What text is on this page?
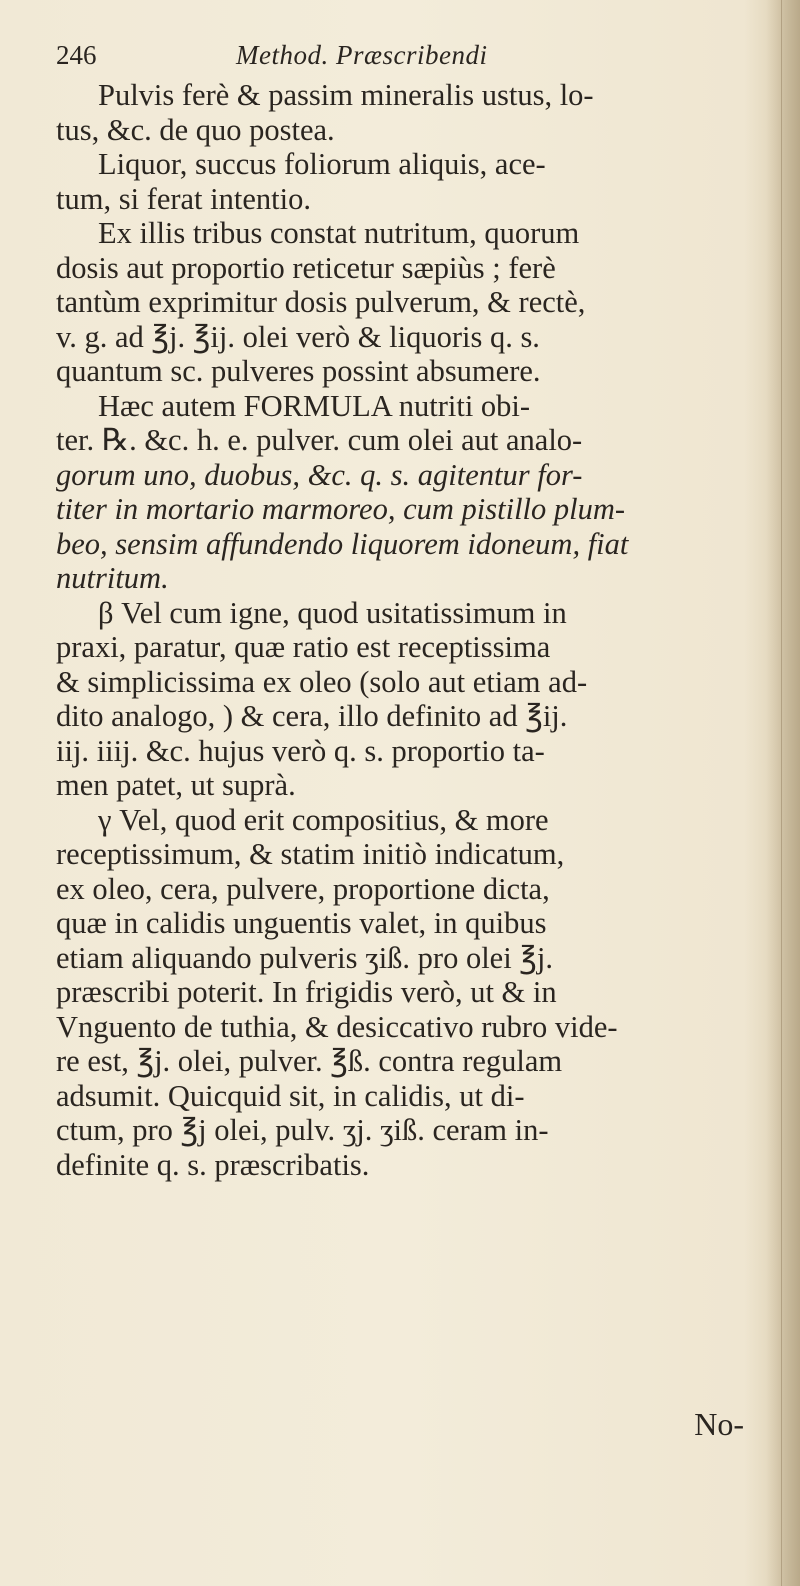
246	Method. Præscribendi
Pulvis ferè & passim mineralis ustus, lo-
tus, &c. de quo postea.
Liquor, succus foliorum aliquis, ace-
tum, si ferat intentio.
Ex illis tribus constat nutritum, quorum
dosis aut proportio reticetur sæpiùs ; ferè
tantùm exprimitur dosis pulverum, & rectè,
v. g. ad ℥j. ℥ij. olei verò & liquoris q. s.
quantum sc. pulveres possint absumere.
Hæc autem FORMULA nutriti obi-
ter. ℞. &c. h. e. pulver. cum olei aut analo-
gorum uno, duobus, &c. q. s. agitentur for-
titer in mortario marmoreo, cum pistillo plum-
beo, sensim affundendo liquorem idoneum, fiat
nutritum.
β Vel cum igne, quod usitatissimum in
praxi, paratur, quæ ratio est receptissima
& simplicissima ex oleo (solo aut etiam ad-
dito analogo, ) & cera, illo definito ad ℥ij.
iij. iiij. &c. hujus verò q. s. proportio ta-
men patet, ut suprà.
γ Vel, quod erit compositius, & more
receptissimum, & statim initiò indicatum,
ex oleo, cera, pulvere, proportione dicta,
quæ in calidis unguentis valet, in quibus
etiam aliquando pulveris ʒiß. pro olei ℥j.
præscribi poterit. In frigidis verò, ut & in
Vnguento de tuthia, & desiccativo rubro vide-
re est, ℥j. olei, pulver. ℥ß. contra regulam
adsumit. Quicquid sit, in calidis, ut di-
ctum, pro ℥j olei, pulv. ʒj. ʒiß. ceram in-
definite q. s. præscribatis.
No-
